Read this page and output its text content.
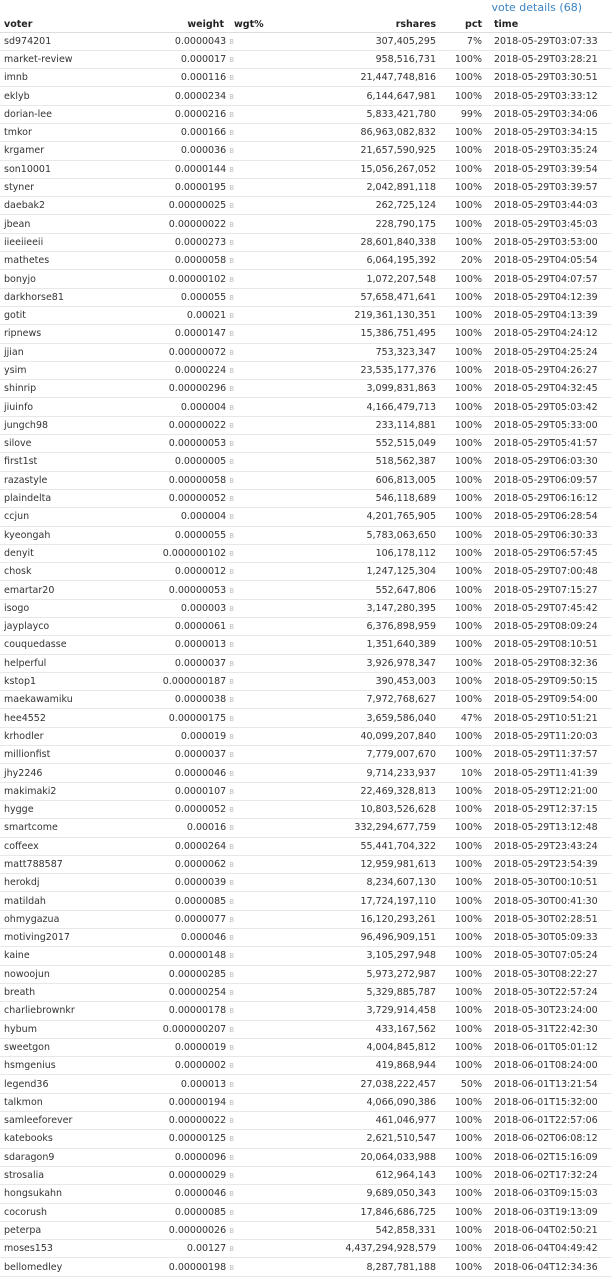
vote details (68)
voter	weight	wgt%	rshares	pct	time
sd974201	0.0000043 B		307,405,295	7%	2018-05-29T03:07:33
market-review	0.000017 B		958,516,731	100%	2018-05-29T03:28:21
imnb	0.000116 B		21,447,748,816	100%	2018-05-29T03:30:51
eklyb	0.0000234 B		6,144,647,981	100%	2018-05-29T03:33:12
dorian-lee	0.0000216 B		5,833,421,780	99%	2018-05-29T03:34:06
tmkor	0.000166 B		86,963,082,832	100%	2018-05-29T03:34:15
krgamer	0.000036 B		21,657,590,925	100%	2018-05-29T03:35:24
son10001	0.0000144 B		15,056,267,052	100%	2018-05-29T03:39:54
styner	0.0000195 B		2,042,891,118	100%	2018-05-29T03:39:57
daebak2	0.00000025 B		262,725,124	100%	2018-05-29T03:44:03
jbean	0.00000022 B		228,790,175	100%	2018-05-29T03:45:03
iieeiieeii	0.0000273 B		28,601,840,338	100%	2018-05-29T03:53:00
mathetes	0.0000058 B		6,064,195,392	20%	2018-05-29T04:05:54
bonyjo	0.00000102 B		1,072,207,548	100%	2018-05-29T04:07:57
darkhorse81	0.000055 B		57,658,471,641	100%	2018-05-29T04:12:39
gotit	0.00021 B		219,361,130,351	100%	2018-05-29T04:13:39
ripnews	0.0000147 B		15,386,751,495	100%	2018-05-29T04:24:12
jjian	0.00000072 B		753,323,347	100%	2018-05-29T04:25:24
ysim	0.0000224 B		23,535,177,376	100%	2018-05-29T04:26:27
shinrip	0.00000296 B		3,099,831,863	100%	2018-05-29T04:32:45
jiuinfo	0.000004 B		4,166,479,713	100%	2018-05-29T05:03:42
jungch98	0.00000022 B		233,114,881	100%	2018-05-29T05:33:00
silove	0.00000053 B		552,515,049	100%	2018-05-29T05:41:57
first1st	0.0000005 B		518,562,387	100%	2018-05-29T06:03:30
razastyle	0.00000058 B		606,813,005	100%	2018-05-29T06:09:57
plaindelta	0.00000052 B		546,118,689	100%	2018-05-29T06:16:12
ccjun	0.000004 B		4,201,765,905	100%	2018-05-29T06:28:54
kyeongah	0.0000055 B		5,783,063,650	100%	2018-05-29T06:30:33
denyit	0.000000102 B		106,178,112	100%	2018-05-29T06:57:45
chosk	0.0000012 B		1,247,125,304	100%	2018-05-29T07:00:48
emartar20	0.00000053 B		552,647,806	100%	2018-05-29T07:15:27
isogo	0.000003 B		3,147,280,395	100%	2018-05-29T07:45:42
jayplayco	0.0000061 B		6,376,898,959	100%	2018-05-29T08:09:24
couquedasse	0.0000013 B		1,351,640,389	100%	2018-05-29T08:10:51
helperful	0.0000037 B		3,926,978,347	100%	2018-05-29T08:32:36
kstop1	0.000000187 B		390,453,003	100%	2018-05-29T09:50:15
maekawamiku	0.0000038 B		7,972,768,627	100%	2018-05-29T09:54:00
hee4552	0.00000175 B		3,659,586,040	47%	2018-05-29T10:51:21
krhodler	0.000019 B		40,099,207,840	100%	2018-05-29T11:20:03
millionfist	0.0000037 B		7,779,007,670	100%	2018-05-29T11:37:57
jhy2246	0.0000046 B		9,714,233,937	10%	2018-05-29T11:41:39
makimaki2	0.0000107 B		22,469,328,813	100%	2018-05-29T12:21:00
hygge	0.0000052 B		10,803,526,628	100%	2018-05-29T12:37:15
smartcome	0.00016 B		332,294,677,759	100%	2018-05-29T13:12:48
coffeex	0.0000264 B		55,441,704,322	100%	2018-05-29T23:43:24
matt788587	0.0000062 B		12,959,981,613	100%	2018-05-29T23:54:39
herokdj	0.0000039 B		8,234,607,130	100%	2018-05-30T00:10:51
matildah	0.0000085 B		17,724,197,110	100%	2018-05-30T00:41:30
ohmygazua	0.0000077 B		16,120,293,261	100%	2018-05-30T02:28:51
motiving2017	0.000046 B		96,496,909,151	100%	2018-05-30T05:09:33
kaine	0.00000148 B		3,105,297,948	100%	2018-05-30T07:05:24
nowoojun	0.00000285 B		5,973,272,987	100%	2018-05-30T08:22:27
breath	0.00000254 B		5,329,885,787	100%	2018-05-30T22:57:24
charliebrownkr	0.00000178 B		3,729,914,458	100%	2018-05-30T23:24:00
hybum	0.000000207 B		433,167,562	100%	2018-05-31T22:42:30
sweetgon	0.0000019 B		4,004,845,812	100%	2018-06-01T05:01:12
hsmgenius	0.0000002 B		419,868,944	100%	2018-06-01T08:24:00
legend36	0.000013 B		27,038,222,457	50%	2018-06-01T13:21:54
talkmon	0.00000194 B		4,066,090,386	100%	2018-06-01T15:32:00
samleeforever	0.00000022 B		461,046,977	100%	2018-06-01T22:57:06
katebooks	0.00000125 B		2,621,510,547	100%	2018-06-02T06:08:12
sdaragon9	0.0000096 B		20,064,033,988	100%	2018-06-02T15:16:09
strosalia	0.00000029 B		612,964,143	100%	2018-06-02T17:32:24
hongsukahn	0.0000046 B		9,689,050,343	100%	2018-06-03T09:15:03
cocorush	0.0000085 B		17,846,686,725	100%	2018-06-03T19:13:09
peterpa	0.00000026 B		542,858,331	100%	2018-06-04T02:50:21
moses153	0.00127 B		4,437,294,928,579	100%	2018-06-04T04:49:42
bellomedley	0.00000198 B		8,287,781,188	100%	2018-06-04T12:34:36
